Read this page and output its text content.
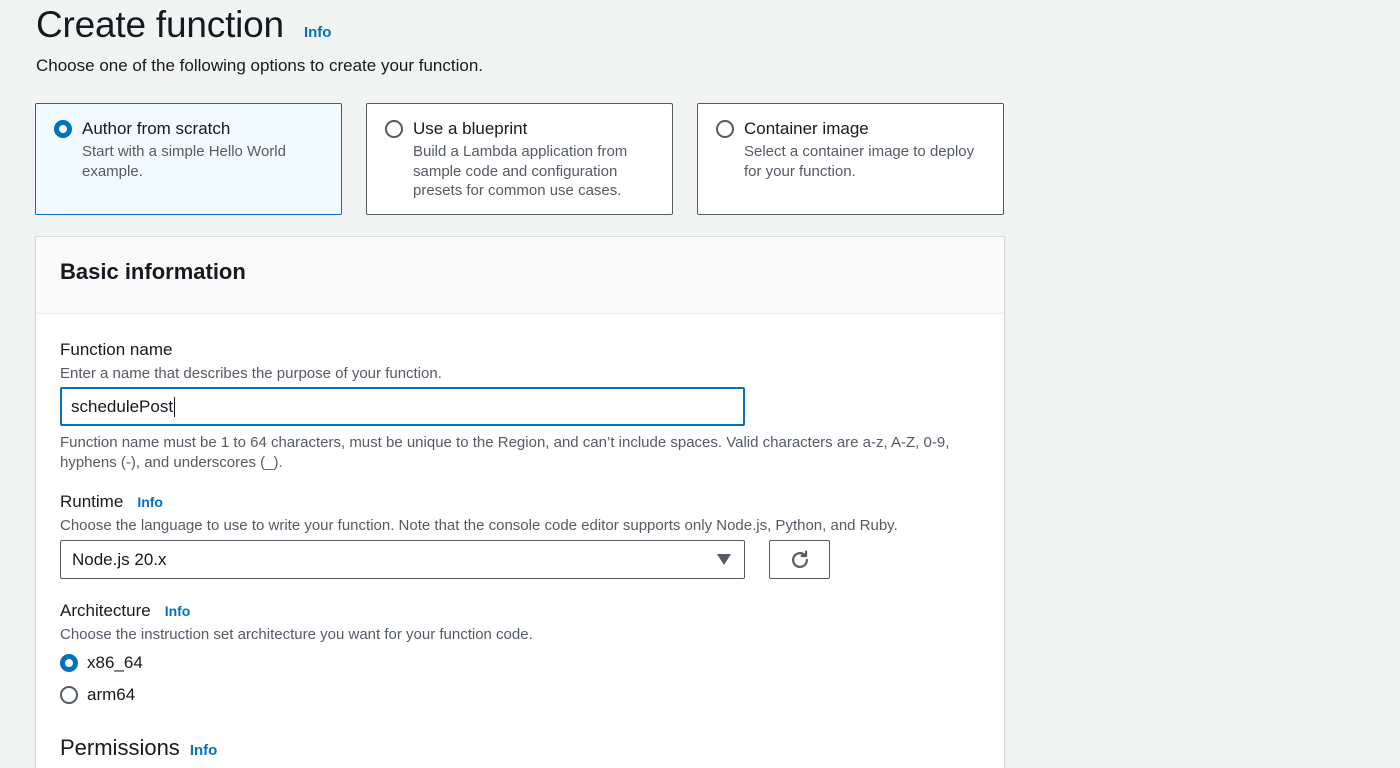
Create function Info

Choose one of the following options to create your function.

Author from scratch
Start with a simple Hello World example.
Use a blueprint
Build a Lambda application from sample code and configuration presets for common use cases.
Container image
Select a container image to deploy for your function.
Basic information
Function name
Enter a name that describes the purpose of your function.
schedulePost
Function name must be 1 to 64 characters, must be unique to the Region, and can’t include spaces. Valid characters are a-z, A-Z, 0-9, hyphens (-), and underscores (_).
Runtime Info
Choose the language to use to write your function. Note that the console code editor supports only Node.js, Python, and Ruby.
Node.js 20.x
Architecture Info
Choose the instruction set architecture you want for your function code.
x86_64
arm64
Permissions Info
